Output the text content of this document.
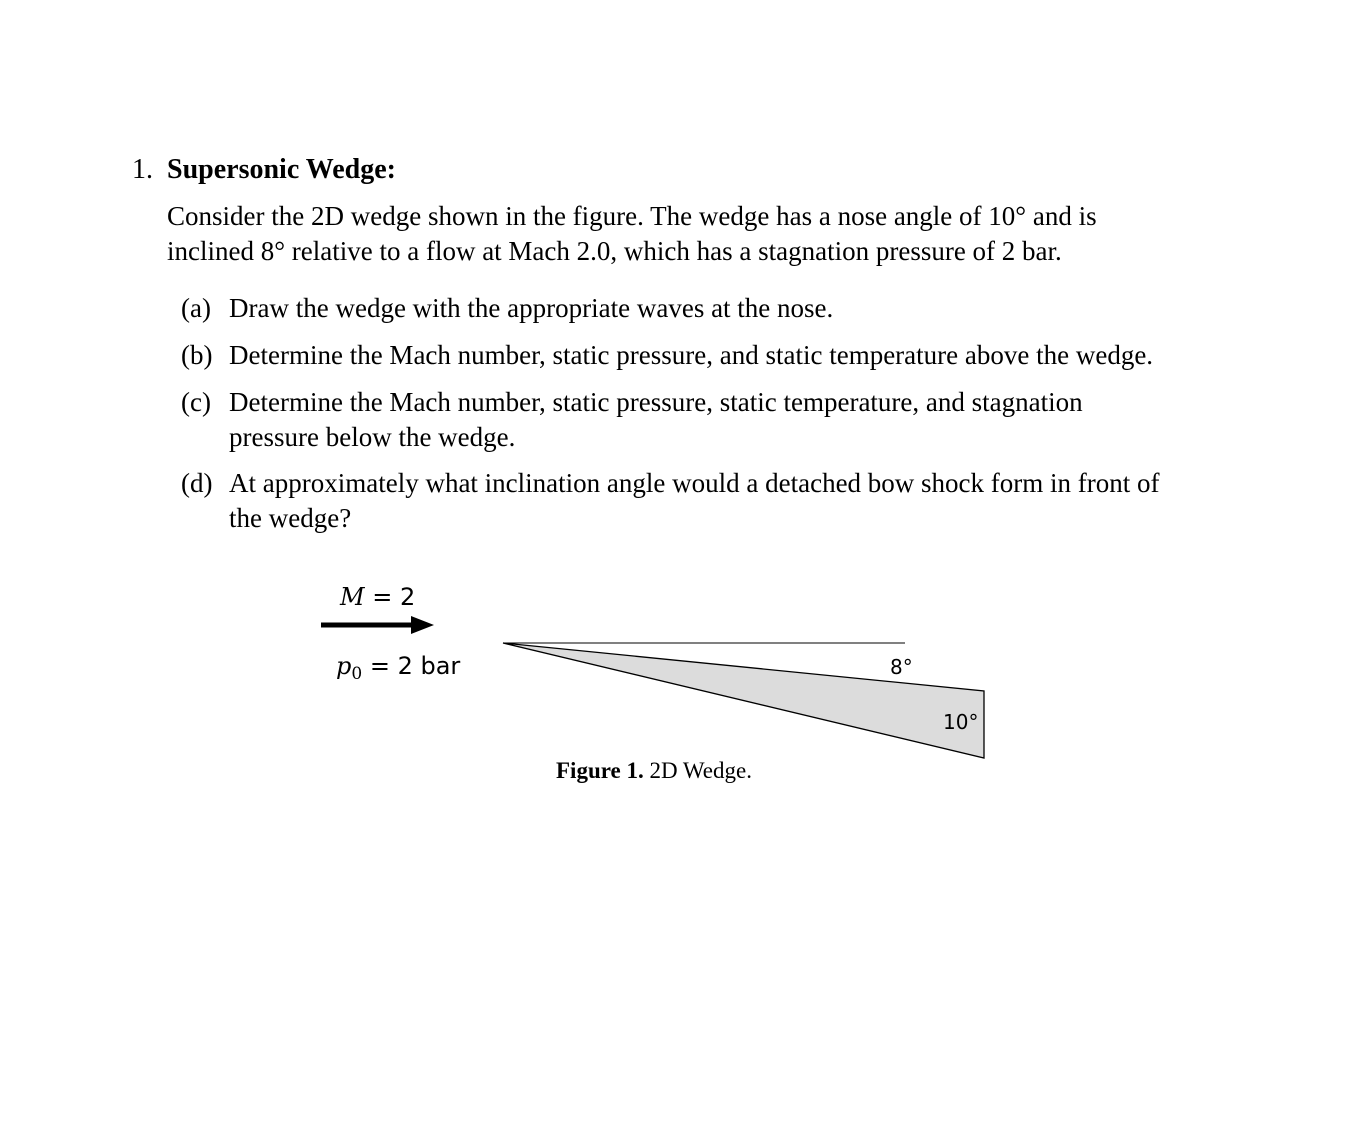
1. Supersonic Wedge:

Consider the 2D wedge shown in the figure. The wedge has a nose angle of 10° and is

inclined 8° relative to a flow at Mach 2.0, which has a stagnation pressure of 2 bar.

(a) Draw the wedge with the appropriate waves at the nose.
(b) Determine the Mach number, static pressure, and static temperature above the wedge.
(c) Determine the Mach number, static pressure, static temperature, and stagnation
pressure below the wedge.
(d) At approximately what inclination angle would a detached bow shock form in front of
the wedge?
M = 2
$p_0 = 2$ bar	8°
10°
Figure 1. 2D Wedge.
